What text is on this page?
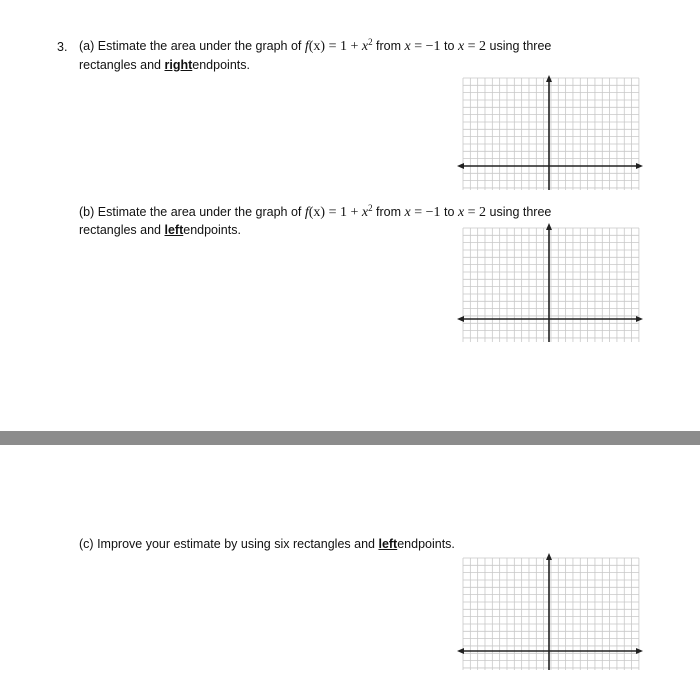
3. (a) Estimate the area under the graph of $f(x) = 1 + x^2$ from x = −1 to x = 2 using three
rectangles and rightendpoints.
(b) Estimate the area under the graph of $f(x) = 1 + x^2$ from x = −1 to x = 2 using three
rectangles and leftendpoints.
(c) Improve your estimate by using six rectangles and leftendpoints.
